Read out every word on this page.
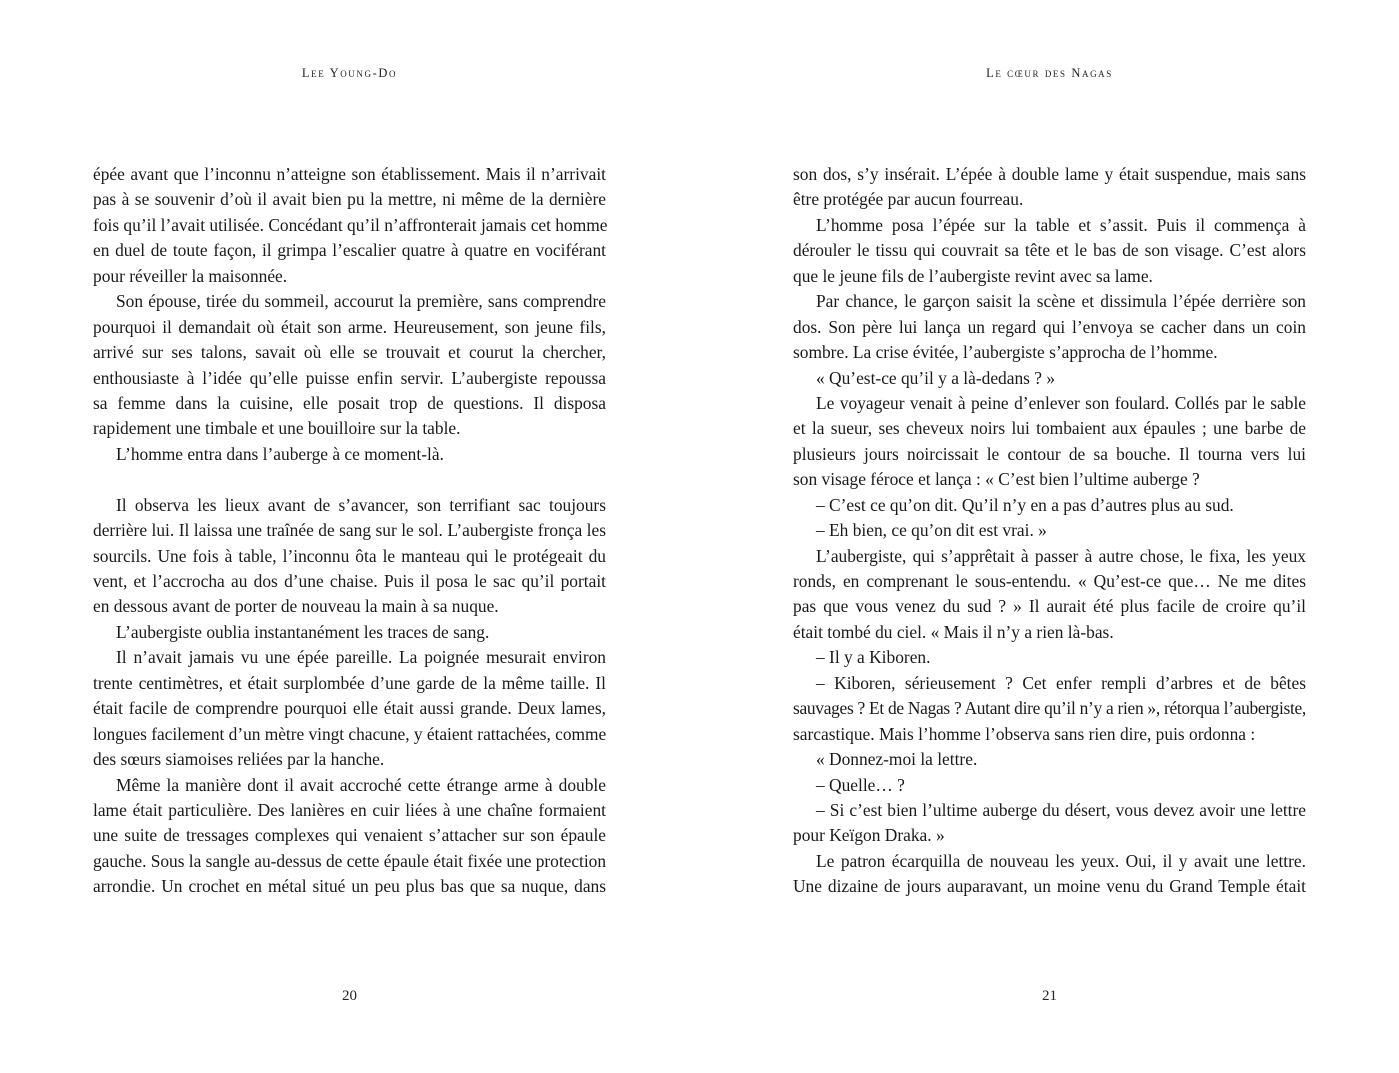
Lee Young-Do
épée avant que l’inconnu n’atteigne son établissement. Mais il n’arrivait
pas à se souvenir d’où il avait bien pu la mettre, ni même de la dernière
fois qu’il l’avait utilisée. Concédant qu’il n’affronterait jamais cet homme
en duel de toute façon, il grimpa l’escalier quatre à quatre en vociférant
pour réveiller la maisonnée.
Son épouse, tirée du sommeil, accourut la première, sans comprendre
pourquoi il demandait où était son arme. Heureusement, son jeune fils,
arrivé sur ses talons, savait où elle se trouvait et courut la chercher,
enthousiaste à l’idée qu’elle puisse enfin servir. L’aubergiste repoussa
sa femme dans la cuisine, elle posait trop de questions. Il disposa
rapidement une timbale et une bouilloire sur la table.
L’homme entra dans l’auberge à ce moment-là.
Il observa les lieux avant de s’avancer, son terrifiant sac toujours
derrière lui. Il laissa une traînée de sang sur le sol. L’aubergiste fronça les
sourcils. Une fois à table, l’inconnu ôta le manteau qui le protégeait du
vent, et l’accrocha au dos d’une chaise. Puis il posa le sac qu’il portait
en dessous avant de porter de nouveau la main à sa nuque.
L’aubergiste oublia instantanément les traces de sang.
Il n’avait jamais vu une épée pareille. La poignée mesurait environ
trente centimètres, et était surplombée d’une garde de la même taille. Il
était facile de comprendre pourquoi elle était aussi grande. Deux lames,
longues facilement d’un mètre vingt chacune, y étaient rattachées, comme
des sœurs siamoises reliées par la hanche.
Même la manière dont il avait accroché cette étrange arme à double
lame était particulière. Des lanières en cuir liées à une chaîne formaient
une suite de tressages complexes qui venaient s’attacher sur son épaule
gauche. Sous la sangle au-dessus de cette épaule était fixée une protection
arrondie. Un crochet en métal situé un peu plus bas que sa nuque, dans
20
Le cœur des Nagas
son dos, s’y insérait. L’épée à double lame y était suspendue, mais sans
être protégée par aucun fourreau.
L’homme posa l’épée sur la table et s’assit. Puis il commença à
dérouler le tissu qui couvrait sa tête et le bas de son visage. C’est alors
que le jeune fils de l’aubergiste revint avec sa lame.
Par chance, le garçon saisit la scène et dissimula l’épée derrière son
dos. Son père lui lança un regard qui l’envoya se cacher dans un coin
sombre. La crise évitée, l’aubergiste s’approcha de l’homme.
« Qu’est-ce qu’il y a là-dedans ? »
Le voyageur venait à peine d’enlever son foulard. Collés par le sable
et la sueur, ses cheveux noirs lui tombaient aux épaules ; une barbe de
plusieurs jours noircissait le contour de sa bouche. Il tourna vers lui
son visage féroce et lança : « C’est bien l’ultime auberge ?
– C’est ce qu’on dit. Qu’il n’y en a pas d’autres plus au sud.
– Eh bien, ce qu’on dit est vrai. »
L’aubergiste, qui s’apprêtait à passer à autre chose, le fixa, les yeux
ronds, en comprenant le sous-entendu. « Qu’est-ce que… Ne me dites
pas que vous venez du sud ? » Il aurait été plus facile de croire qu’il
était tombé du ciel. « Mais il n’y a rien là-bas.
– Il y a Kiboren.
– Kiboren, sérieusement ? Cet enfer rempli d’arbres et de bêtes
sauvages ? Et de Nagas ? Autant dire qu’il n’y a rien », rétorqua l’aubergiste,
sarcastique. Mais l’homme l’observa sans rien dire, puis ordonna :
« Donnez-moi la lettre.
– Quelle… ?
– Si c’est bien l’ultime auberge du désert, vous devez avoir une lettre
pour Keïgon Draka. »
Le patron écarquilla de nouveau les yeux. Oui, il y avait une lettre.
Une dizaine de jours auparavant, un moine venu du Grand Temple était
21
